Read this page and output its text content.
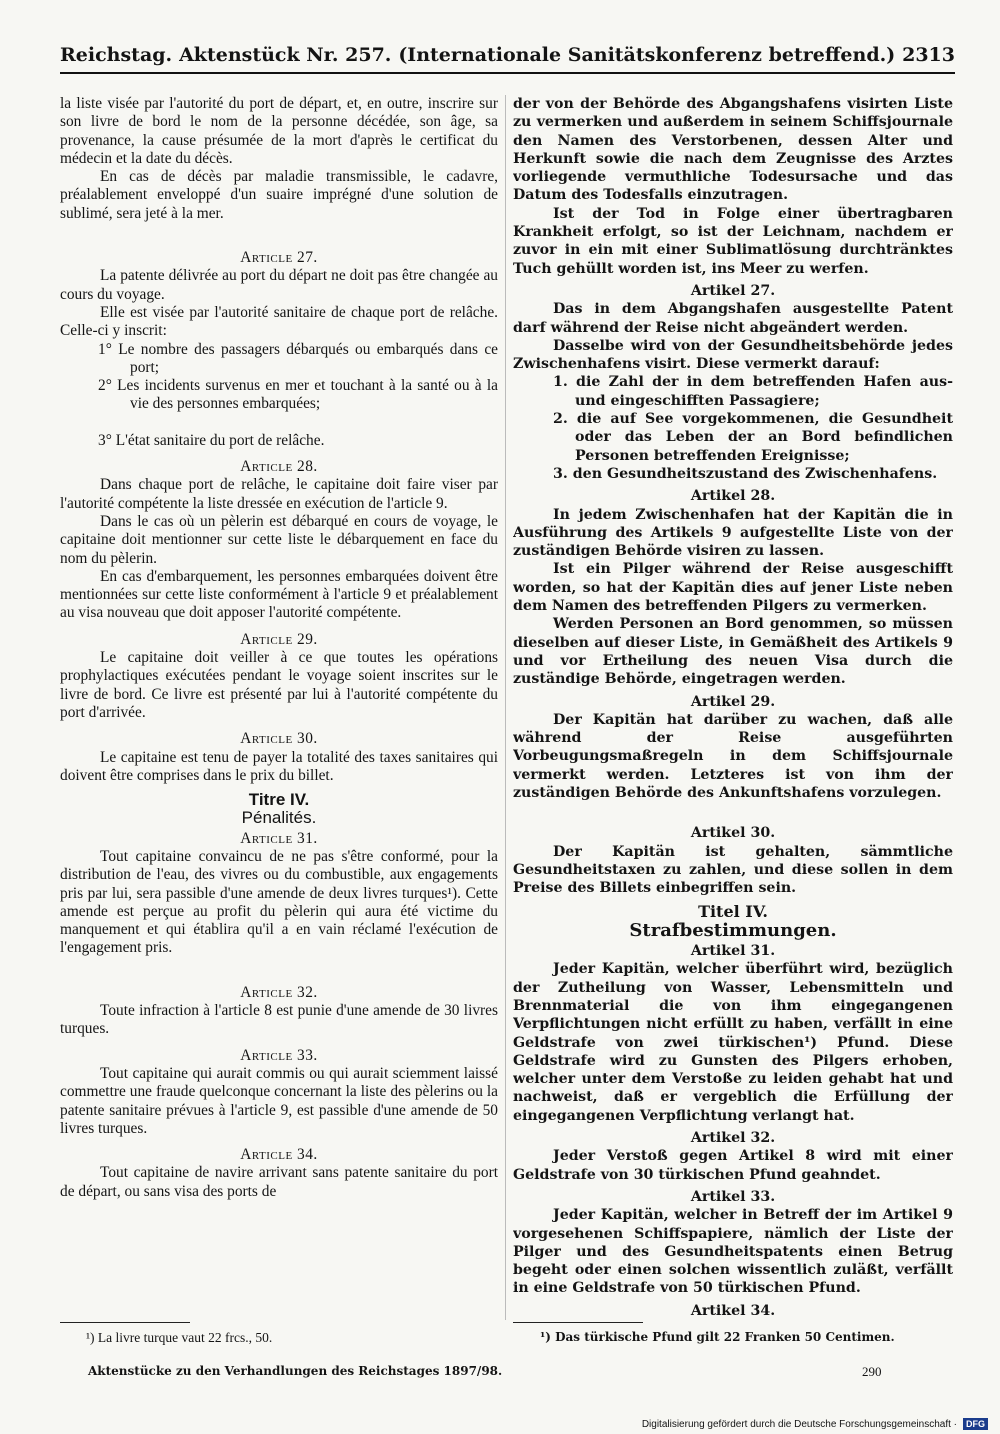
Reichstag. Aktenstück Nr. 257. (Internationale Sanitätskonferenz betreffend.) 2313

la liste visée par l'autorité du port de départ, et, en outre, inscrire sur son livre de bord le nom de la personne décédée, son âge, sa provenance, la cause présumée de la mort d'après le certificat du médecin et la date du décès.

En cas de décès par maladie transmissible, le cadavre, préalablement enveloppé d'un suaire imprégné d'une solution de sublimé, sera jeté à la mer.

Article 27.

La patente délivrée au port du départ ne doit pas être changée au cours du voyage.

Elle est visée par l'autorité sanitaire de chaque port de relâche. Celle-ci y inscrit:

1° Le nombre des passagers débarqués ou embarqués dans ce port;

2° Les incidents survenus en mer et touchant à la santé ou à la vie des personnes embarquées;

3° L'état sanitaire du port de relâche.

Article 28.

Dans chaque port de relâche, le capitaine doit faire viser par l'autorité compétente la liste dressée en exécution de l'article 9.

Dans le cas où un pèlerin est débarqué en cours de voyage, le capitaine doit mentionner sur cette liste le débarquement en face du nom du pèlerin.

En cas d'embarquement, les personnes embarquées doivent être mentionnées sur cette liste conformément à l'article 9 et préalablement au visa nouveau que doit apposer l'autorité compétente.

Article 29.

Le capitaine doit veiller à ce que toutes les opérations prophylactiques exécutées pendant le voyage soient inscrites sur le livre de bord. Ce livre est présenté par lui à l'autorité compétente du port d'arrivée.

Article 30.

Le capitaine est tenu de payer la totalité des taxes sanitaires qui doivent être comprises dans le prix du billet.

Titre IV.

Pénalités.

Article 31.

Tout capitaine convaincu de ne pas s'être conformé, pour la distribution de l'eau, des vivres ou du combustible, aux engagements pris par lui, sera passible d'une amende de deux livres turques¹). Cette amende est perçue au profit du pèlerin qui aura été victime du manquement et qui établira qu'il a en vain réclamé l'exécution de l'engagement pris.

Article 32.

Toute infraction à l'article 8 est punie d'une amende de 30 livres turques.

Article 33.

Tout capitaine qui aurait commis ou qui aurait sciemment laissé commettre une fraude quelconque concernant la liste des pèlerins ou la patente sanitaire prévues à l'article 9, est passible d'une amende de 50 livres turques.

Article 34.

Tout capitaine de navire arrivant sans patente sanitaire du port de départ, ou sans visa des ports de

der von der Behörde des Abgangshafens visirten Liste zu vermerken und außerdem in seinem Schiffsjournale den Namen des Verstorbenen, dessen Alter und Herkunft sowie die nach dem Zeugnisse des Arztes vorliegende vermuthliche Todesursache und das Datum des Todesfalls einzutragen.

Ist der Tod in Folge einer übertragbaren Krankheit erfolgt, so ist der Leichnam, nachdem er zuvor in ein mit einer Sublimatlösung durchtränktes Tuch gehüllt worden ist, ins Meer zu werfen.

Artikel 27.

Das in dem Abgangshafen ausgestellte Patent darf während der Reise nicht abgeändert werden.

Dasselbe wird von der Gesundheitsbehörde jedes Zwischenhafens visirt. Diese vermerkt darauf:

1. die Zahl der in dem betreffenden Hafen aus- und eingeschifften Passagiere;

2. die auf See vorgekommenen, die Gesundheit oder das Leben der an Bord befindlichen Personen betreffenden Ereignisse;

3. den Gesundheitszustand des Zwischenhafens.

Artikel 28.

In jedem Zwischenhafen hat der Kapitän die in Ausführung des Artikels 9 aufgestellte Liste von der zuständigen Behörde visiren zu lassen.

Ist ein Pilger während der Reise ausgeschifft worden, so hat der Kapitän dies auf jener Liste neben dem Namen des betreffenden Pilgers zu vermerken.

Werden Personen an Bord genommen, so müssen dieselben auf dieser Liste, in Gemäßheit des Artikels 9 und vor Ertheilung des neuen Visa durch die zuständige Behörde, eingetragen werden.

Artikel 29.

Der Kapitän hat darüber zu wachen, daß alle während der Reise ausgeführten Vorbeugungsmaßregeln in dem Schiffsjournale vermerkt werden. Letzteres ist von ihm der zuständigen Behörde des Ankunftshafens vorzulegen.

Artikel 30.

Der Kapitän ist gehalten, sämmtliche Gesundheitstaxen zu zahlen, und diese sollen in dem Preise des Billets einbegriffen sein.

Titel IV.

Strafbestimmungen.

Artikel 31.

Jeder Kapitän, welcher überführt wird, bezüglich der Zutheilung von Wasser, Lebensmitteln und Brennmaterial die von ihm eingegangenen Verpflichtungen nicht erfüllt zu haben, verfällt in eine Geldstrafe von zwei türkischen¹) Pfund. Diese Geldstrafe wird zu Gunsten des Pilgers erhoben, welcher unter dem Verstoße zu leiden gehabt hat und nachweist, daß er vergeblich die Erfüllung der eingegangenen Verpflichtung verlangt hat.

Artikel 32.

Jeder Verstoß gegen Artikel 8 wird mit einer Geldstrafe von 30 türkischen Pfund geahndet.

Artikel 33.

Jeder Kapitän, welcher in Betreff der im Artikel 9 vorgesehenen Schiffspapiere, nämlich der Liste der Pilger und des Gesundheitspatents einen Betrug begeht oder einen solchen wissentlich zuläßt, verfällt in eine Geldstrafe von 50 türkischen Pfund.

Artikel 34.

¹) La livre turque vaut 22 frcs., 50.	¹) Das türkische Pfund gilt 22 Franken 50 Centimen.
Aktenstücke zu den Verhandlungen des Reichstages 1897/98.	290
Digitalisierung gefördert durch die Deutsche Forschungsgemeinschaft ·	DFG
